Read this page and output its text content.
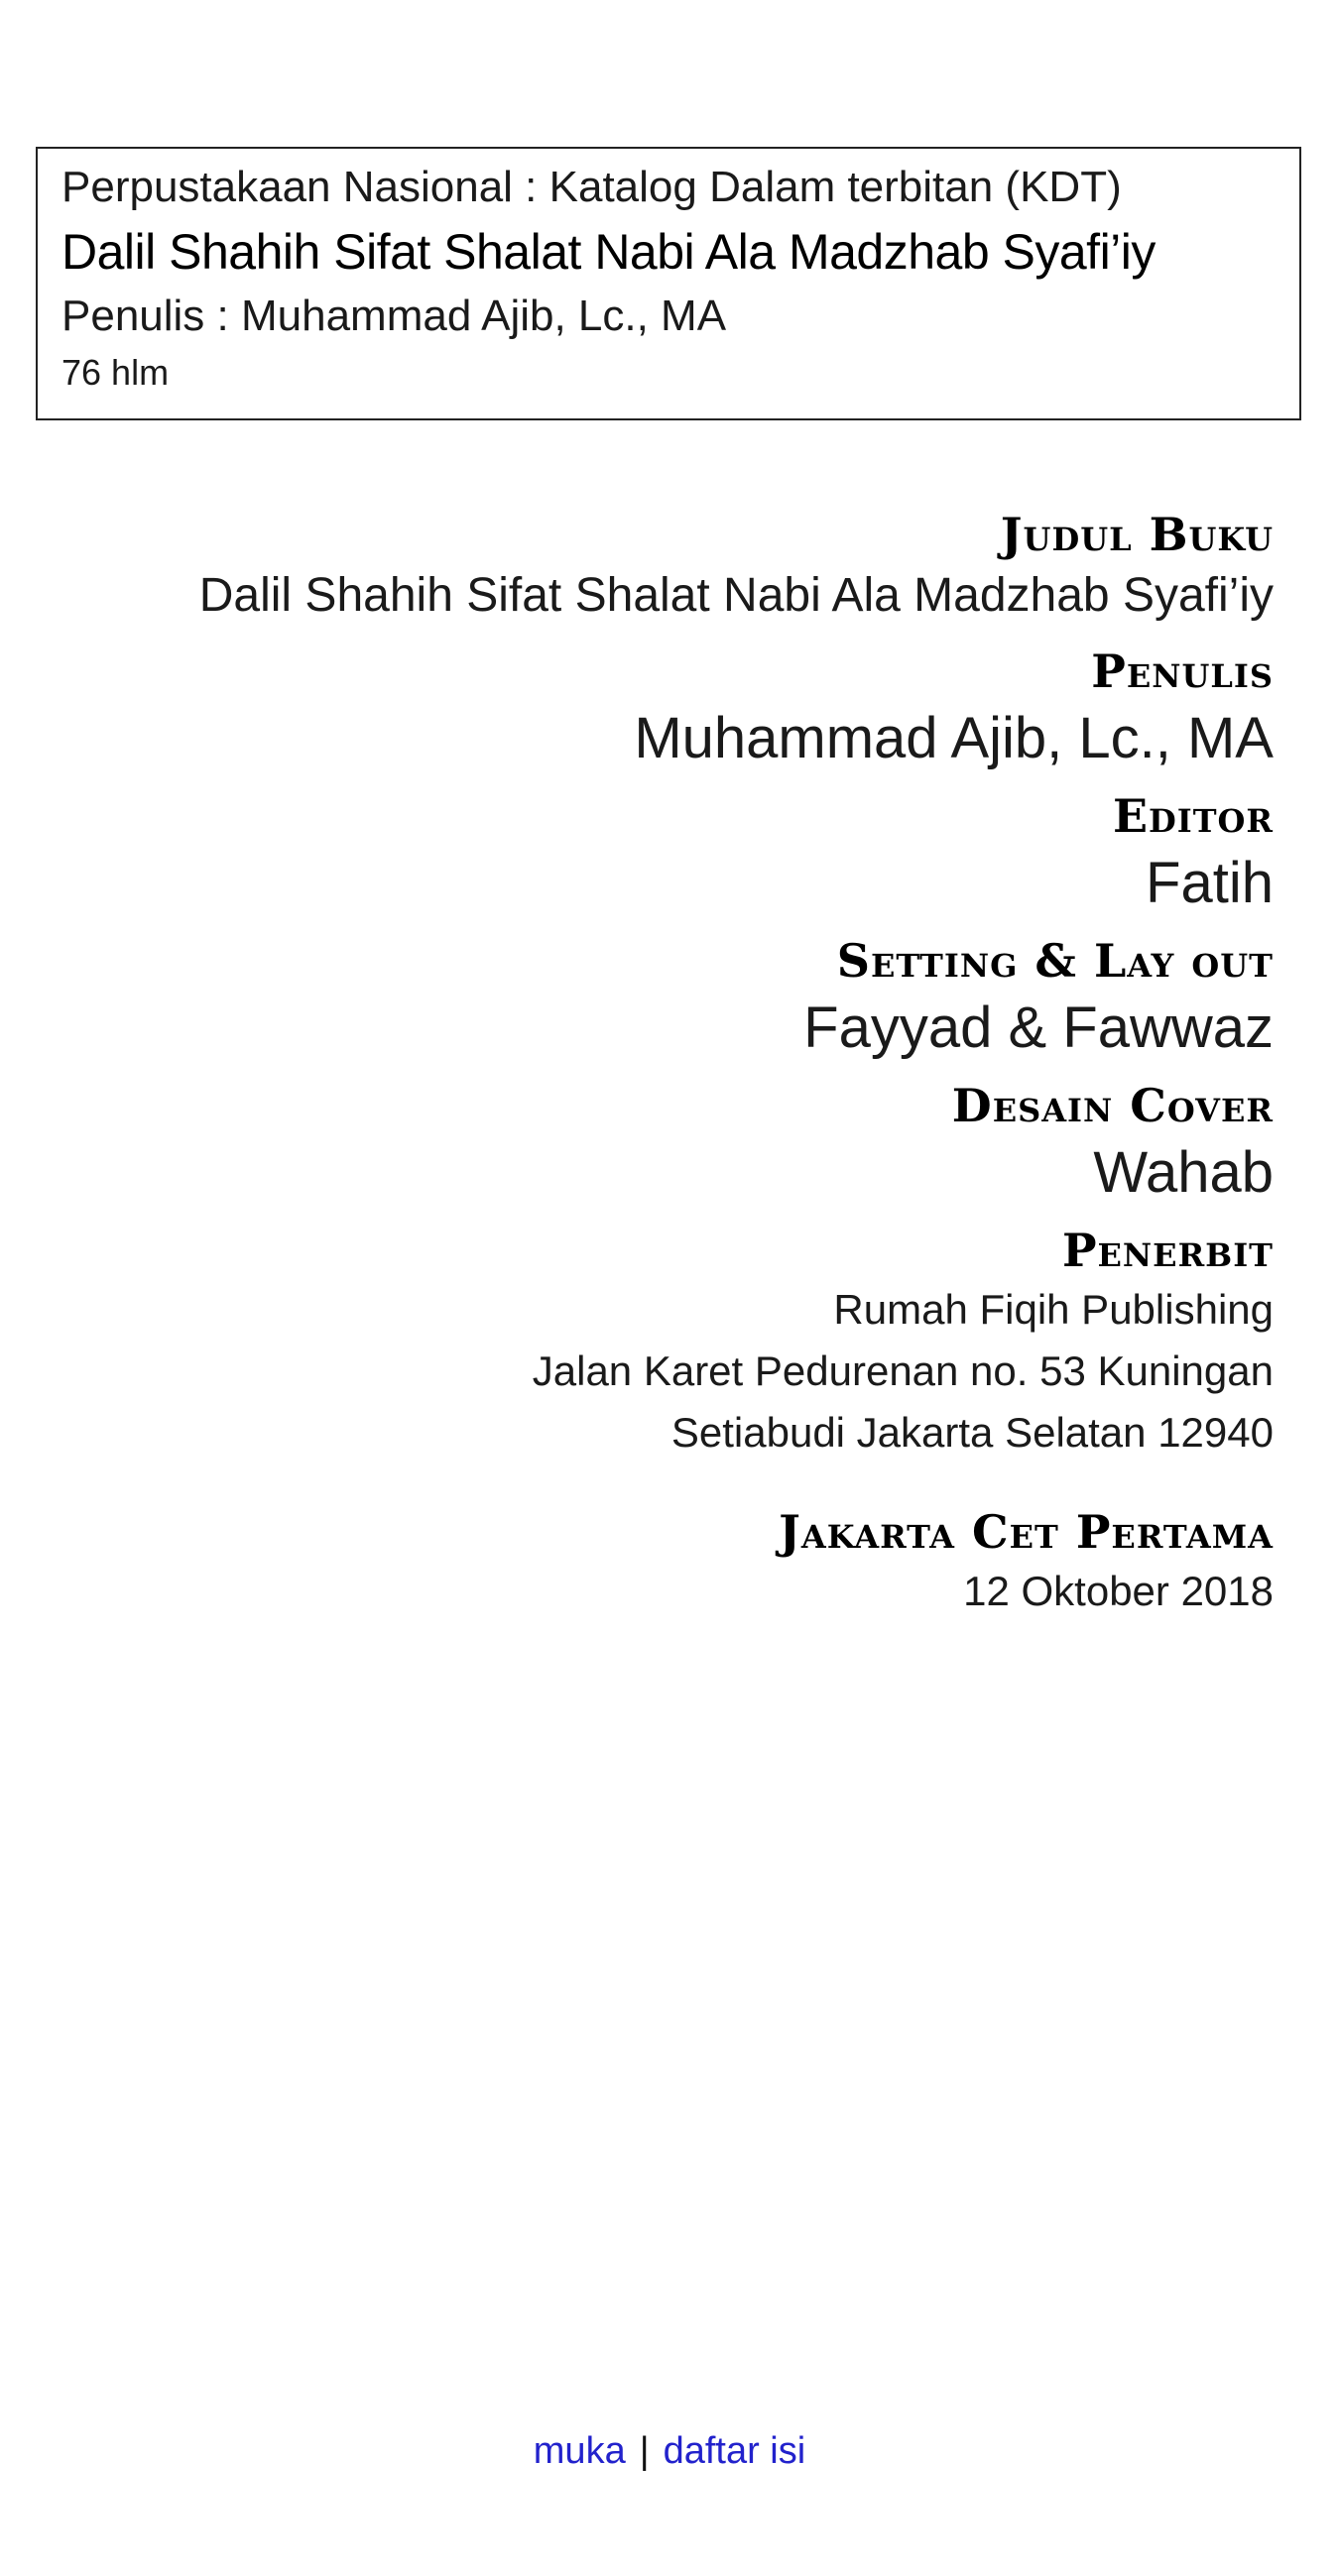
Perpustakaan Nasional : Katalog Dalam terbitan (KDT)
Dalil Shahih Sifat Shalat Nabi Ala Madzhab Syafi’iy
Penulis : Muhammad Ajib, Lc., MA
76 hlm
Judul Buku
Dalil Shahih Sifat Shalat Nabi Ala Madzhab Syafi’iy
Penulis
Muhammad Ajib, Lc., MA
Editor
Fatih
Setting & Lay out
Fayyad & Fawwaz
Desain Cover
Wahab
Penerbit
Rumah Fiqih Publishing
Jalan Karet Pedurenan no. 53 Kuningan
Setiabudi Jakarta Selatan 12940
Jakarta Cet Pertama
12 Oktober 2018
muka | daftar isi
